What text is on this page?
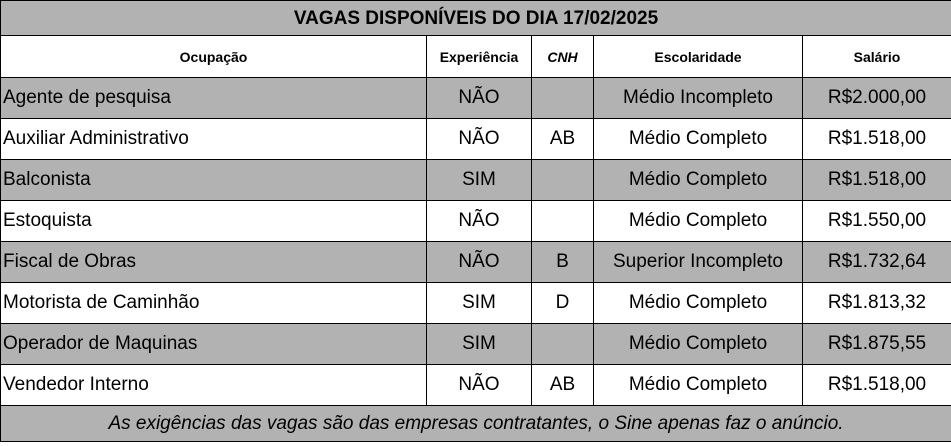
VAGAS DISPONÍVEIS DO DIA 17/02/2025				
Ocupação	Experiência	CNH	Escolaridade	Salário
Agente de pesquisa	NÃO		Médio Incompleto	R$2.000,00
Auxiliar Administrativo	NÃO	AB	Médio Completo	R$1.518,00
Balconista	SIM		Médio Completo	R$1.518,00
Estoquista	NÃO		Médio Completo	R$1.550,00
Fiscal de Obras	NÃO	B	Superior Incompleto	R$1.732,64
Motorista de Caminhão	SIM	D	Médio Completo	R$1.813,32
Operador de Maquinas	SIM		Médio Completo	R$1.875,55
Vendedor Interno	NÃO	AB	Médio Completo	R$1.518,00
As exigências das vagas são das empresas contratantes, o Sine apenas faz o anúncio.				
